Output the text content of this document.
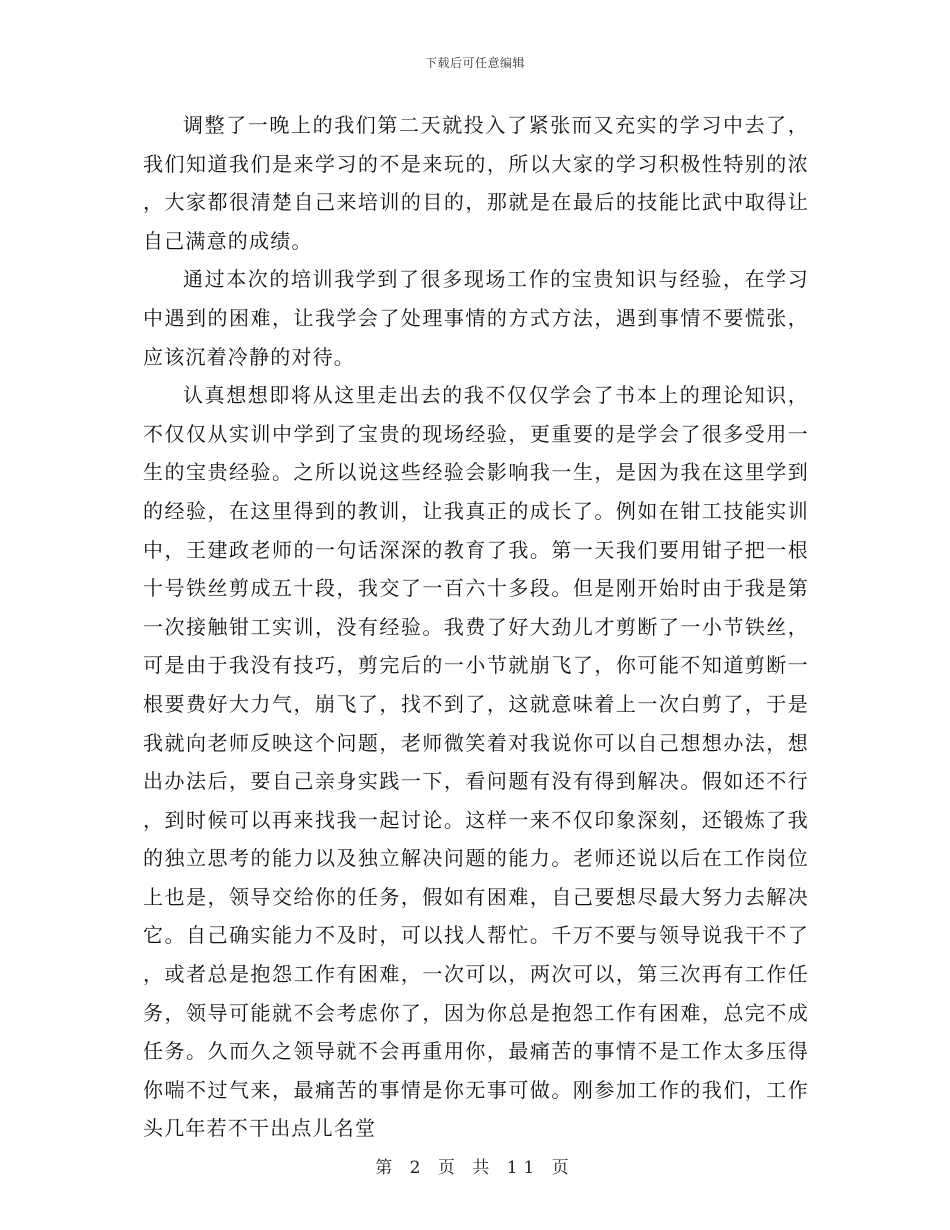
下载后可任意编辑

调整了一晚上的我们第二天就投入了紧张而又充实的学习中去了，我们知道我们是来学习的不是来玩的，所以大家的学习积极性特别的浓，大家都很清楚自己来培训的目的，那就是在最后的技能比武中取得让自己满意的成绩。

通过本次的培训我学到了很多现场工作的宝贵知识与经验，在学习中遇到的困难，让我学会了处理事情的方式方法，遇到事情不要慌张，应该沉着冷静的对待。

认真想想即将从这里走出去的我不仅仅学会了书本上的理论知识，不仅仅从实训中学到了宝贵的现场经验，更重要的是学会了很多受用一生的宝贵经验。之所以说这些经验会影响我一生，是因为我在这里学到的经验，在这里得到的教训，让我真正的成长了。例如在钳工技能实训中，王建政老师的一句话深深的教育了我。第一天我们要用钳子把一根十号铁丝剪成五十段，我交了一百六十多段。但是刚开始时由于我是第一次接触钳工实训，没有经验。我费了好大劲儿才剪断了一小节铁丝，可是由于我没有技巧，剪完后的一小节就崩飞了，你可能不知道剪断一根要费好大力气，崩飞了，找不到了，这就意味着上一次白剪了，于是我就向老师反映这个问题，老师微笑着对我说你可以自己想想办法，想出办法后，要自己亲身实践一下，看问题有没有得到解决。假如还不行，到时候可以再来找我一起讨论。这样一来不仅印象深刻，还锻炼了我的独立思考的能力以及独立解决问题的能力。老师还说以后在工作岗位上也是，领导交给你的任务，假如有困难，自己要想尽最大努力去解决它。自己确实能力不及时，可以找人帮忙。千万不要与领导说我干不了，或者总是抱怨工作有困难，一次可以，两次可以，第三次再有工作任务，领导可能就不会考虑你了，因为你总是抱怨工作有困难，总完不成任务。久而久之领导就不会再重用你，最痛苦的事情不是工作太多压得你喘不过气来，最痛苦的事情是你无事可做。刚参加工作的我们，工作头几年若不干出点儿名堂

第 2 页 共 11 页
